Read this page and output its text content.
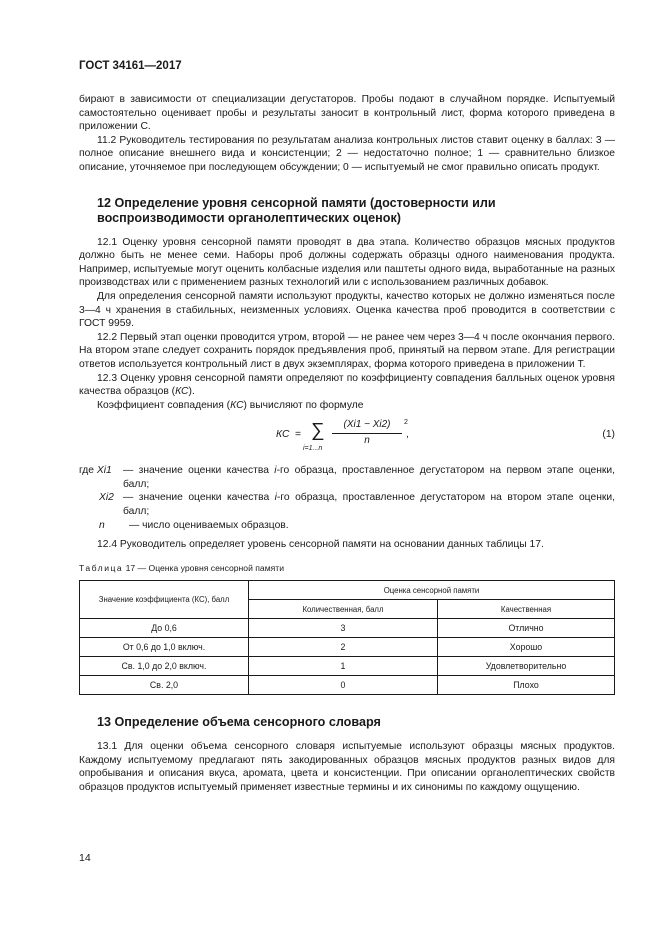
ГОСТ 34161—2017

бирают в зависимости от специализации дегустаторов. Пробы подают в случайном порядке. Испытуемый самостоятельно оценивает пробы и результаты заносит в контрольный лист, форма которого приведена в приложении С.

11.2 Руководитель тестирования по результатам анализа контрольных листов ставит оценку в баллах: 3 — полное описание внешнего вида и консистенции; 2 — недостаточно полное; 1 — сравнительно близкое описание, уточняемое при последующем обсуждении; 0 — испытуемый не смог правильно описать продукт.

12 Определение уровня сенсорной памяти (достоверности или воспроизводимости органолептических оценок)

12.1 Оценку уровня сенсорной памяти проводят в два этапа. Количество образцов мясных продуктов должно быть не менее семи. Наборы проб должны содержать образцы одного наименования продукта. Например, испытуемые могут оценить колбасные изделия или паштеты одного вида, выработанные на разных производствах или с применением разных технологий или с использованием различных добавок.

Для определения сенсорной памяти используют продукты, качество которых не должно изменяться после 3—4 ч хранения в стабильных, неизменных условиях. Оценка качества проб проводится в соответствии с ГОСТ 9959.

12.2 Первый этап оценки проводится утром, второй — не ранее чем через 3—4 ч после окончания первого. На втором этапе следует сохранить порядок предъявления проб, принятый на первом этапе. Для регистрации ответов используется контрольный лист в двух экземплярах, форма которого приведена в приложении Т.

12.3 Оценку уровня сенсорной памяти определяют по коэффициенту совпадения балльных оценок уровня качества образцов (КС).

Коэффициент совпадения (КС) вычисляют по формуле

КС = ∑
i=1...n
$\frac{(Xi1 - Xi2)}{n} 2$
,	(1)
где Xi1	— значение оценки качества i-го образца, проставленное дегустатором на первом этапе оценки, балл;
Xi2 — значение оценки качества i-го образца, проставленное дегустатором на втором этапе оценки, балл;
n	— число оцениваемых образцов.

12.4 Руководитель определяет уровень сенсорной памяти на основании данных таблицы 17.

Таблица 17 — Оценка уровня сенсорной памяти
Значение коэффициента (КС), балл	Оценка сенсорной памяти	
	Количественная, балл	Качественная
До 0,6	3	Отлично
От 0,6 до 1,0 включ.	2	Хорошо
Св. 1,0 до 2,0 включ.	1	Удовлетворительно
Св. 2,0	0	Плохо
13 Определение объема сенсорного словаря

13.1 Для оценки объема сенсорного словаря испытуемые используют образцы мясных продуктов. Каждому испытуемому предлагают пять закодированных образцов мясных продуктов разных видов для опробывания и описания вкуса, аромата, цвета и консистенции. При описании органолептических свойств образцов продуктов испытуемый применяет известные термины и их синонимы по каждому ощущению.

14
